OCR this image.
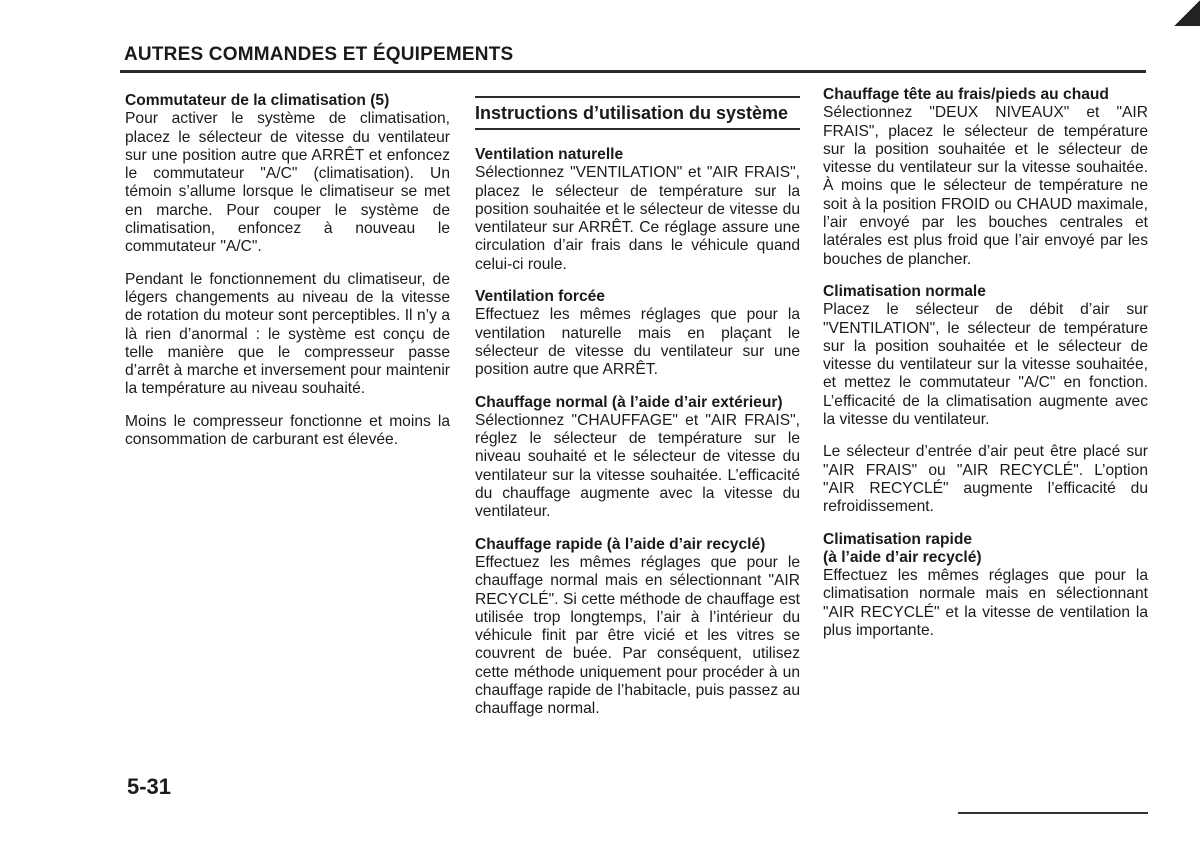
AUTRES COMMANDES ET ÉQUIPEMENTS

Commutateur de la climatisation (5)

Pour activer le système de climatisation, placez le sélecteur de vitesse du ventilateur sur une position autre que ARRÊT et enfoncez le commutateur "A/C" (climatisation). Un témoin s’allume lorsque le climatiseur se met en marche. Pour couper le système de climatisation, enfoncez à nouveau le commutateur "A/C".

Pendant le fonctionnement du climatiseur, de légers changements au niveau de la vitesse de rotation du moteur sont perceptibles. Il n’y a là rien d’anormal : le système est conçu de telle manière que le compresseur passe d’arrêt à marche et inversement pour maintenir la température au niveau souhaité.

Moins le compresseur fonctionne et moins la consommation de carburant est élevée.

Instructions d’utilisation du système

Ventilation naturelle

Sélectionnez "VENTILATION" et "AIR FRAIS", placez le sélecteur de température sur la position souhaitée et le sélecteur de vitesse du ventilateur sur ARRÊT. Ce réglage assure une circulation d’air frais dans le véhicule quand celui-ci roule.

Ventilation forcée

Effectuez les mêmes réglages que pour la ventilation naturelle mais en plaçant le sélecteur de vitesse du ventilateur sur une position autre que ARRÊT.

Chauffage normal (à l’aide d’air extérieur)

Sélectionnez "CHAUFFAGE" et "AIR FRAIS", réglez le sélecteur de température sur le niveau souhaité et le sélecteur de vitesse du ventilateur sur la vitesse souhaitée. L’efficacité du chauffage augmente avec la vitesse du ventilateur.

Chauffage rapide (à l’aide d’air recyclé)

Effectuez les mêmes réglages que pour le chauffage normal mais en sélectionnant "AIR RECYCLÉ". Si cette méthode de chauffage est utilisée trop longtemps, l’air à l’intérieur du véhicule finit par être vicié et les vitres se couvrent de buée. Par conséquent, utilisez cette méthode uniquement pour procéder à un chauffage rapide de l’habitacle, puis passez au chauffage normal.

Chauffage tête au frais/pieds au chaud

Sélectionnez "DEUX NIVEAUX" et "AIR FRAIS", placez le sélecteur de température sur la position souhaitée et le sélecteur de vitesse du ventilateur sur la vitesse souhaitée. À moins que le sélecteur de température ne soit à la position FROID ou CHAUD maximale, l’air envoyé par les bouches centrales et latérales est plus froid que l’air envoyé par les bouches de plancher.

Climatisation normale

Placez le sélecteur de débit d’air sur "VENTILATION", le sélecteur de température sur la position souhaitée et le sélecteur de vitesse du ventilateur sur la vitesse souhaitée, et mettez le commutateur "A/C" en fonction. L’efficacité de la climatisation augmente avec la vitesse du ventilateur.

Le sélecteur d’entrée d’air peut être placé sur "AIR FRAIS" ou "AIR RECYCLÉ". L’option "AIR RECYCLÉ" augmente l’efficacité du refroidissement.

Climatisation rapide

(à l’aide d’air recyclé)

Effectuez les mêmes réglages que pour la climatisation normale mais en sélectionnant "AIR RECYCLÉ" et la vitesse de ventilation la plus importante.

5-31
